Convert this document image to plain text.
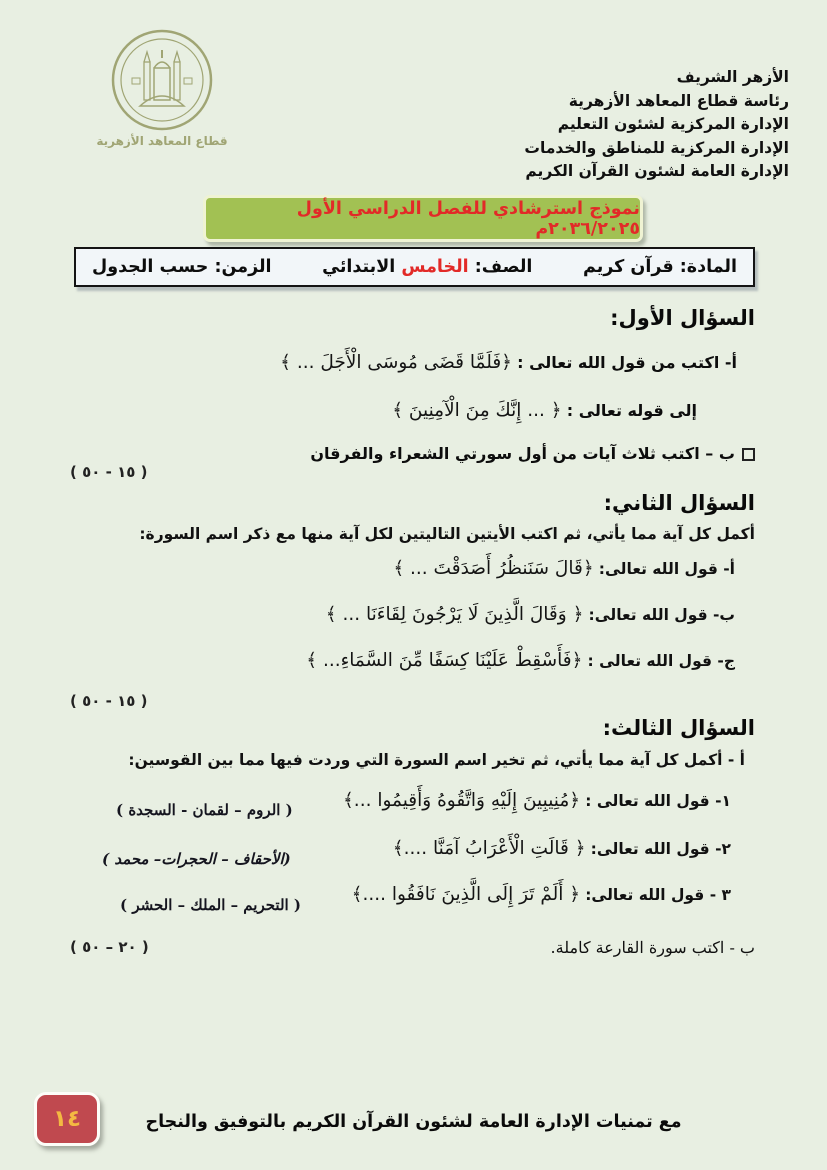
قطاع المعاهد الأزهرية
الأزهر الشريف
رئاسة قطاع المعاهد الأزهرية
الإدارة المركزية لشئون التعليم
الإدارة المركزية للمناطق والخدمات
الإدارة العامة لشئون القرآن الكريم
نموذج استرشادي للفصل الدراسي الأول ٢٠٣٦/٢٠٢٥م
المادة: قرآن كريم
الصف: الخامس الابتدائي
الزمن: حسب الجدول
السؤال الأول:
أ- اكتب من قول الله تعالى : ﴿فَلَمَّا قَضَى مُوسَى الْأَجَلَ ... ﴾
إلى قوله تعالى : ﴿ ... إِنَّكَ مِنَ الْآمِنِينَ ﴾
ب – اكتب ثلاث آيات من أول سورتي الشعراء والفرقان
( ١٥ - ٥٠ )
السؤال الثاني:
أكمل كل آية مما يأتي، ثم اكتب الأيتين التاليتين لكل آية منها مع ذكر اسم السورة:
أ- قول الله تعالى: ﴿قَالَ سَنَنظُرُ أَصَدَقْتَ ... ﴾
ب- قول الله تعالى: ﴿ وَقَالَ الَّذِينَ لَا يَرْجُونَ لِقَاءَنَا ... ﴾
ج- قول الله تعالى : ﴿فَأَسْقِطْ عَلَيْنَا كِسَفًا مِّنَ السَّمَاءِ... ﴾
( ١٥ - ٥٠ )
السؤال الثالث:
أ - أكمل كل آية مما يأتي، ثم تخير اسم السورة التي وردت فيها مما بين القوسين:
١- قول الله تعالى : ﴿مُنِيبِينَ إِلَيْهِ وَاتَّقُوهُ وَأَقِيمُوا ...﴾
( الروم – لقمان - السجدة )
٢- قول الله تعالى: ﴿ قَالَتِ الْأَعْرَابُ آمَنَّا ....﴾
(الأحقاف – الحجرات– محمد )
٣ - قول الله تعالى: ﴿ أَلَمْ تَرَ إِلَى الَّذِينَ نَافَقُوا ....﴾
( التحريم – الملك – الحشر )
ب - اكتب سورة القارعة كاملة.
( ٢٠ – ٥٠ )
مع تمنيات الإدارة العامة لشئون القرآن الكريم بالتوفيق والنجاح
١٤
